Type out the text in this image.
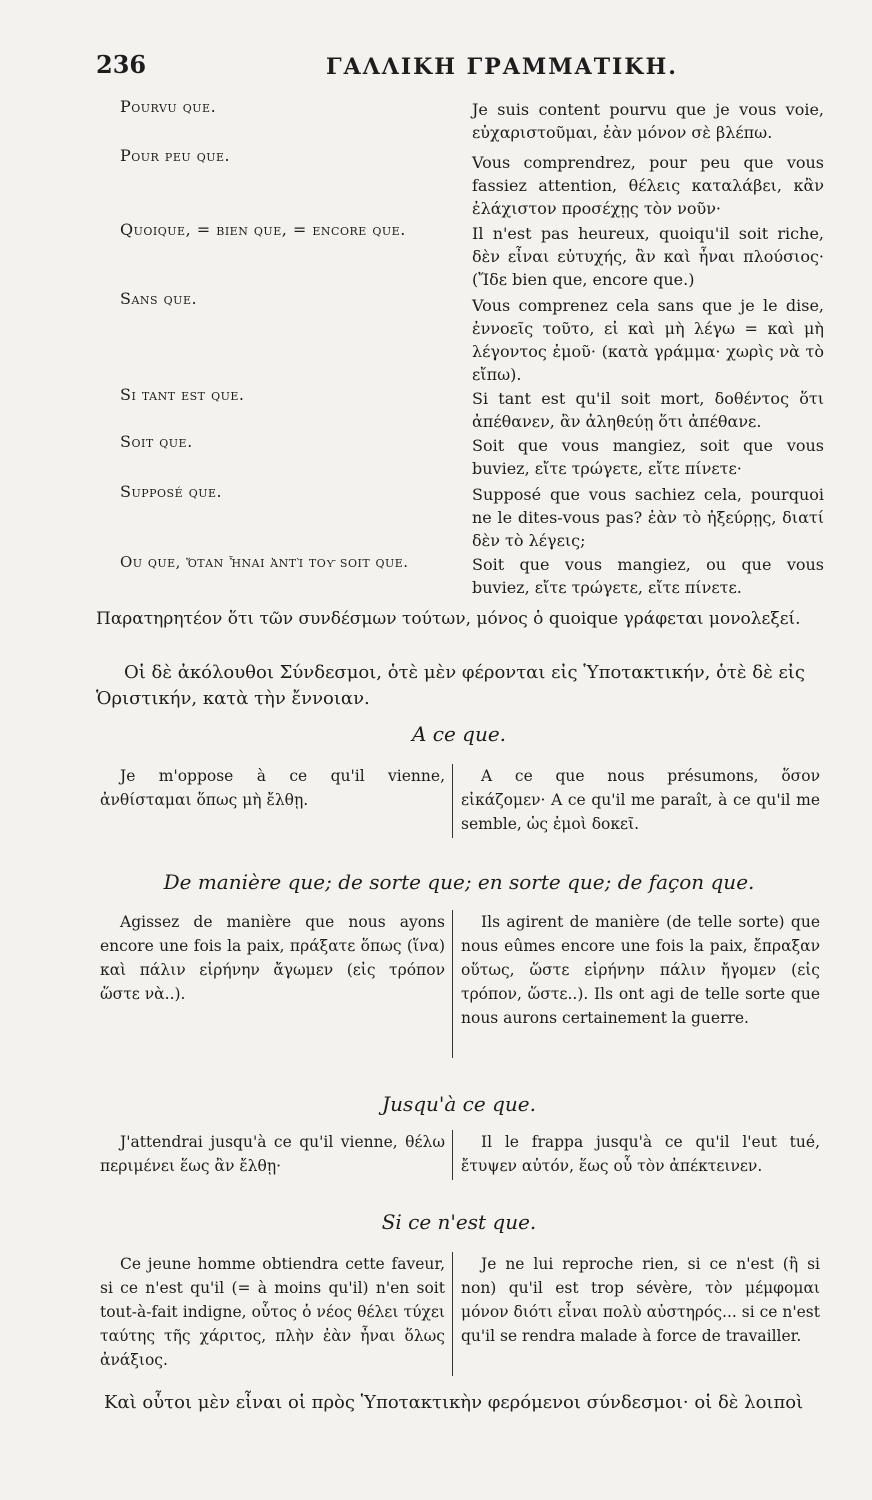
236	ΓΑΛΛΙΚΗ ΓΡΑΜΜΑΤΙΚΗ.
Pourvu que.	Je suis content pourvu que je vous voie, εὐχαριστοῦμαι, ἐὰν μόνον σὲ βλέπω.
Pour peu que.	Vous comprendrez, pour peu que vous fassiez attention, θέλεις καταλάβει, κἂν ἐλάχιστον προσέχῃς τὸν νοῦν·
Quoique, = bien que, = encore que.	Il n'est pas heureux, quoiqu'il soit riche, δὲν εἶναι εὐτυχής, ἂν καὶ ἦναι πλούσιος· (Ἴδε bien que, encore que.)
Sans que.	Vous comprenez cela sans que je le dise, ἐννοεῖς τοῦτο, εἰ καὶ μὴ λέγω = καὶ μὴ λέγοντος ἐμοῦ· (κατὰ γράμμα· χωρὶς νὰ τὸ εἴπω).
Si tant est que.	Si tant est qu'il soit mort, δοθέντος ὅτι ἀπέθανεν, ἂν ἀληθεύῃ ὅτι ἀπέθανε.
Soit que.	Soit que vous mangiez, soit que vous buviez, εἴτε τρώγετε, εἴτε πίνετε·
Supposé que.	Supposé que vous sachiez cela, pourquoi ne le dites-vous pas? ἐὰν τὸ ἠξεύρῃς, διατί δὲν τὸ λέγεις;
Ou que, ὅταν ἦναι ἀντὶ τοῦ soit que.	Soit que vous mangiez, ou que vous buviez, εἴτε τρώγετε, εἴτε πίνετε.
Παρατηρητέον ὅτι τῶν συνδέσμων τούτων, μόνος ὁ quoique γράφεται μονολεξεί.
Οἱ δὲ ἀκόλουθοι Σύνδεσμοι, ὁτὲ μὲν φέρονται εἰς Ὑποτακτικήν, ὁτὲ δὲ εἰς Ὁριστικήν, κατὰ τὴν ἔννοιαν.
A ce que.
Je m'oppose à ce qu'il vienne, ἀνθίσταμαι ὅπως μὴ ἔλθῃ.
A ce que nous présumons, ὅσον εἰκάζομεν· A ce qu'il me paraît, à ce qu'il me semble, ὡς ἐμοὶ δοκεῖ.
De manière que; de sorte que; en sorte que; de façon que.
Agissez de manière que nous ayons encore une fois la paix, πράξατε ὅπως (ἵνα) καὶ πάλιν εἰρήνην ἄγωμεν (εἰς τρόπον ὥστε νὰ..).
Ils agirent de manière (de telle sorte) que nous eûmes encore une fois la paix, ἔπραξαν οὕτως, ὥστε εἰρήνην πάλιν ἤγομεν (εἰς τρόπον, ὥστε..). Ils ont agi de telle sorte que nous aurons certainement la guerre.
Jusqu'à ce que.
J'attendrai jusqu'à ce qu'il vienne, θέλω περιμένει ἕως ἂν ἔλθῃ·
Il le frappa jusqu'à ce qu'il l'eut tué, ἔτυψεν αὐτόν, ἕως οὗ τὸν ἀπέκτεινεν.
Si ce n'est que.
Ce jeune homme obtiendra cette faveur, si ce n'est qu'il (= à moins qu'il) n'en soit tout-à-fait indigne, οὗτος ὁ νέος θέλει τύχει ταύτης τῆς χάριτος, πλὴν ἐὰν ἦναι ὅλως ἀνάξιος.
Je ne lui reproche rien, si ce n'est (ἢ si non) qu'il est trop sévère, τὸν μέμφομαι μόνον διότι εἶναι πολὺ αὐστηρός... si ce n'est qu'il se rendra malade à force de travailler.
Καὶ οὗτοι μὲν εἶναι οἱ πρὸς Ὑποτακτικὴν φερόμενοι σύνδεσμοι· οἱ δὲ λοιποὶ
